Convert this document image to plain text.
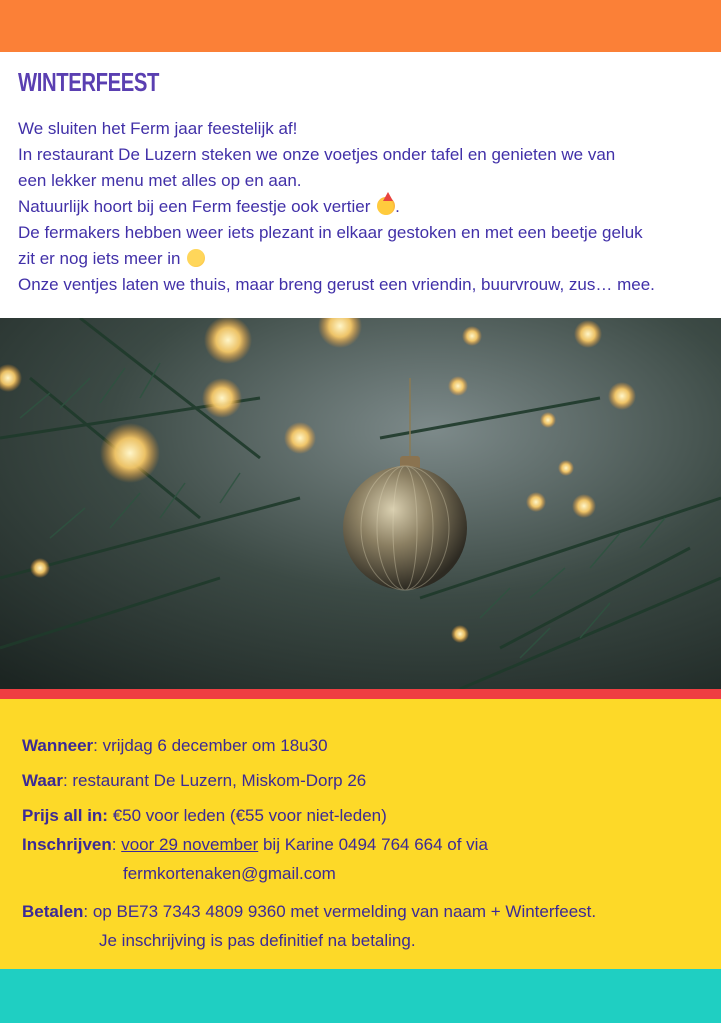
WINTERFEEST

We sluiten het Ferm jaar feestelijk af!

In restaurant De Luzern steken we onze voetjes onder tafel en genieten we van

een lekker menu met alles op en aan.

Natuurlijk hoort bij een Ferm feestje ook vertier .

De fermakers hebben weer iets plezant in elkaar gestoken en met een beetje geluk

zit er nog iets meer in

Onze ventjes laten we thuis, maar breng gerust een vriendin, buurvrouw, zus… mee.

Wanneer: vrijdag 6 december om 18u30
Waar: restaurant De Luzern, Miskom-Dorp 26
Prijs all in: €50 voor leden (€55 voor niet-leden)
Inschrijven: voor 29 november bij Karine 0494 764 664 of via
fermkortenaken@gmail.com
Betalen: op BE73 7343 4809 9360 met vermelding van naam + Winterfeest.
Je inschrijving is pas definitief na betaling.
